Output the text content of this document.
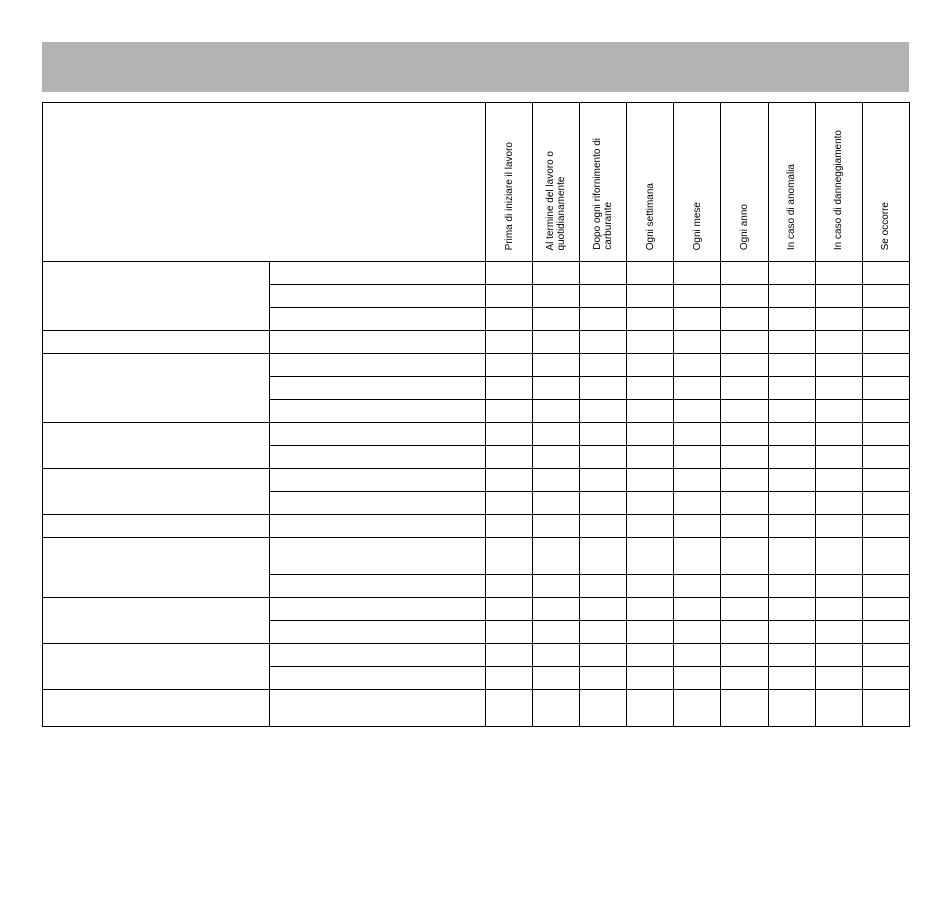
		Prima di iniziare il lavoro	Al termine del lavoro o
quotidianamente	Dopo ogni rifornimento di
carburante	Ogni settimana	Ogni mese	Ogni anno	In caso di anomalia	In caso di danneggiamento	Se occorre
